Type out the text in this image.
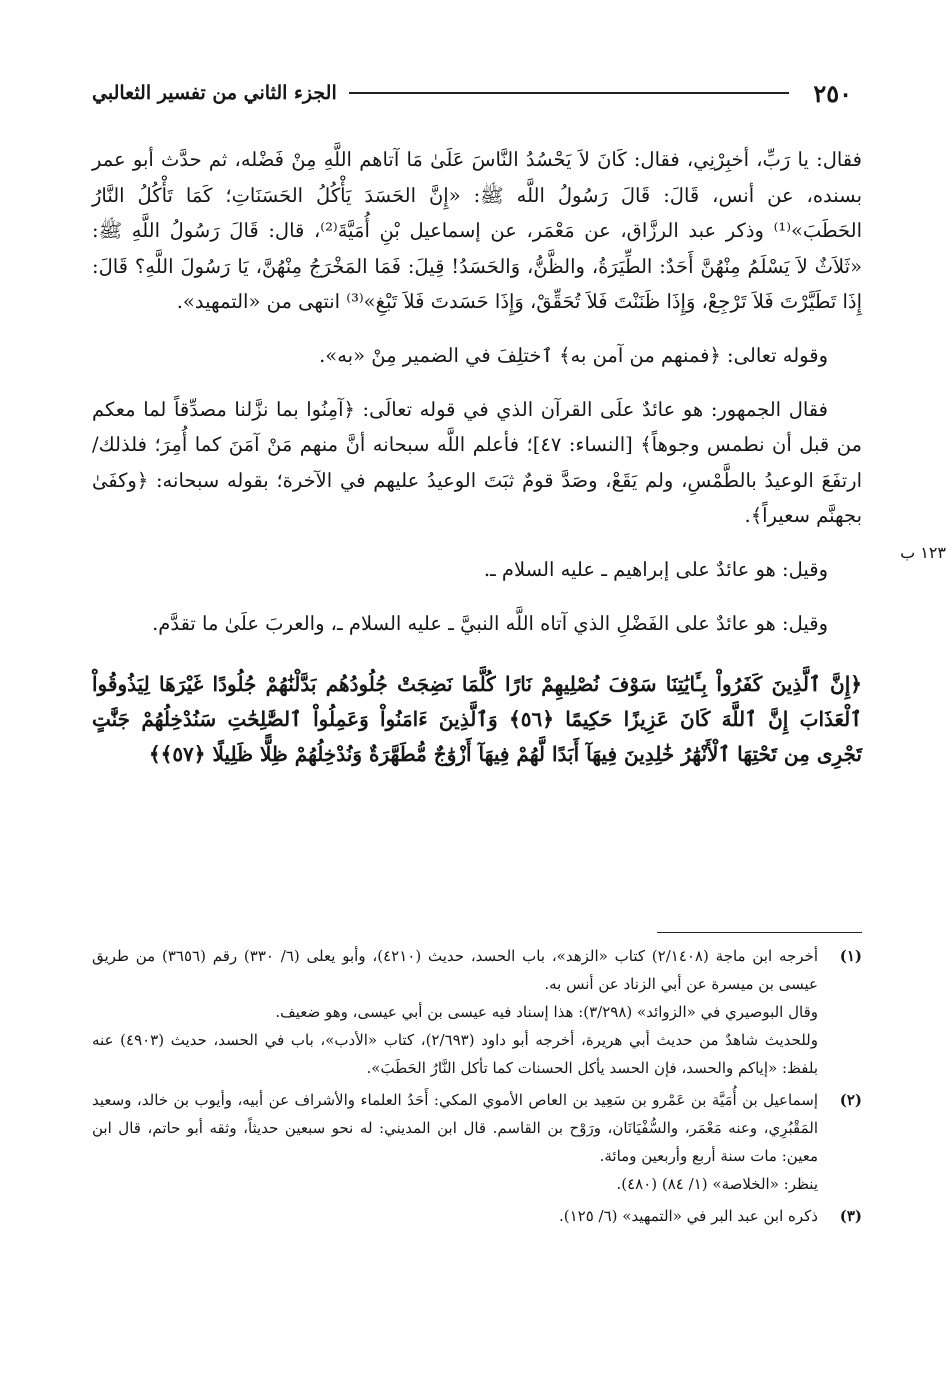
٢٥٠
الجزء الثاني من تفسير الثعالبي

فقال: يا رَبِّ، أخبِرْنِي، فقال: كَانَ لاَ يَحْسُدُ النَّاسَ عَلَىٰ مَا آتاهم اللَّهِ مِنْ فَضْله، ثم حدَّث أبو عمر بسنده، عن أنس، قَالَ: قَالَ رَسُولُ اللَّه ﷺ: «إِنَّ الحَسَدَ يَأْكُلُ الحَسَنَاتِ؛ كَمَا تَأْكُلُ النَّارُ الحَطَبَ»⁽¹⁾ وذكر عبد الرزَّاق، عن مَعْمَر، عن إسماعيل بْنِ أُمَيَّةَ⁽²⁾، قال: قَالَ رَسُولُ اللَّهِ ﷺ: «ثَلاَثٌ لاَ يَسْلَمُ مِنْهُنَّ أَحَدٌ: الطِّيَرَةُ، والظَّنُّ، وَالحَسَدُ! قِيلَ: فَمَا المَخْرَجُ مِنْهُنَّ، يَا رَسُولَ اللَّهِ؟ قَالَ: إِذَا تَطَيَّرْتَ فَلاَ تَرْجِعْ، وَإِذَا ظَنَنْتَ فَلاَ تُحَقِّقْ، وَإِذَا حَسَدتَ فَلاَ تَبْغِ»⁽³⁾ انتهى من «التمهيد».

وقوله تعالى: ﴿فمنهم من آمن به﴾ ٱختلِفَ في الضمير مِنْ «به».

فقال الجمهور: هو عائدٌ علَى القرآن الذي في قوله تعالَى: ﴿آمِنُوا بما نزَّلنا مصدِّقاً لما معكم من قبل أن نطمس وجوهاً﴾ [النساء: ٤٧]؛ فأعلم اللَّه سبحانه أنَّ منهم مَنْ آمَنَ كما أُمِرَ؛ فلذلك/ ارتفَعَ الوعيدُ بالطَّمْسِ، ولم يَقَعْ، وصَدَّ قومٌ ثبَتَ الوعيدُ عليهم في الآخرة؛ بقوله سبحانه: ﴿وكفَىٰ بجهنَّم سعيراً﴾.

وقيل: هو عائدٌ على إبراهيم ـ عليه السلام ـ.

وقيل: هو عائدٌ على الفَضْلِ الذي آتاه اللَّه النبيَّ ـ عليه السلام ـ، والعربَ علَىٰ ما تقدَّم.

﴿إِنَّ ٱلَّذِينَ كَفَرُواْ بِـَٔايَٰتِنَا سَوْفَ نُصْلِيهِمْ نَارًا كُلَّمَا نَضِجَتْ جُلُودُهُم بَدَّلْنَٰهُمْ جُلُودًا غَيْرَهَا لِيَذُوقُواْ ٱلْعَذَابَ إِنَّ ٱللَّهَ كَانَ عَزِيزًا حَكِيمًا ﴿٥٦﴾ وَٱلَّذِينَ ءَامَنُواْ وَعَمِلُواْ ٱلصَّٰلِحَٰتِ سَنُدْخِلُهُمْ جَنَّٰتٍ تَجْرِى مِن تَحْتِهَا ٱلْأَنْهَٰرُ خَٰلِدِينَ فِيهَآ أَبَدًا لَّهُمْ فِيهَآ أَزْوَٰجٌ مُّطَهَّرَةٌ وَنُدْخِلُهُمْ ظِلًّا ظَلِيلًا ﴿٥٧﴾﴾

١٢٣ ب
(١)
أخرجه ابن ماجة (٢/١٤٠٨) كتاب «الزهد»، باب الحسد، حديث (٤٢١٠)، وأبو يعلى (٦/ ٣٣٠) رقم (٣٦٥٦) من طريق عيسى بن ميسرة عن أبي الزناد عن أنس به.
وقال البوصيري في «الزوائد» (٣/٢٩٨): هذا إسناد فيه عيسى بن أبي عيسى، وهو ضعيف.
وللحديث شاهدٌ من حديث أبي هريرة، أخرجه أبو داود (٢/٦٩٣)، كتاب «الأدب»، باب في الحسد، حديث (٤٩٠٣) عنه بلفظ: «إياكم والحسد، فإن الحسد يأكل الحسنات كما تأكل النَّارُ الحَطَبَ».
(٢)
إسماعيل بن أُمَيَّة بن عَمْرو بن سَعِيد بن العاص الأموي المكي: أَحَدُ العلماء والأشراف عن أبيه، وأيوب بن خالد، وسعيد المَقْبُرِي، وعنه مَعْمَر، والسُّفْيَانَان، ورَوْح بن القاسم. قال ابن المديني: له نحو سبعين حديثاً، وثقه أبو حاتم، قال ابن معين: مات سنة أربع وأربعين ومائة.
ينظر: «الخلاصة» (١/ ٨٤) (٤٨٠).
(٣)
ذكره ابن عبد البر في «التمهيد» (٦/ ١٢٥).
